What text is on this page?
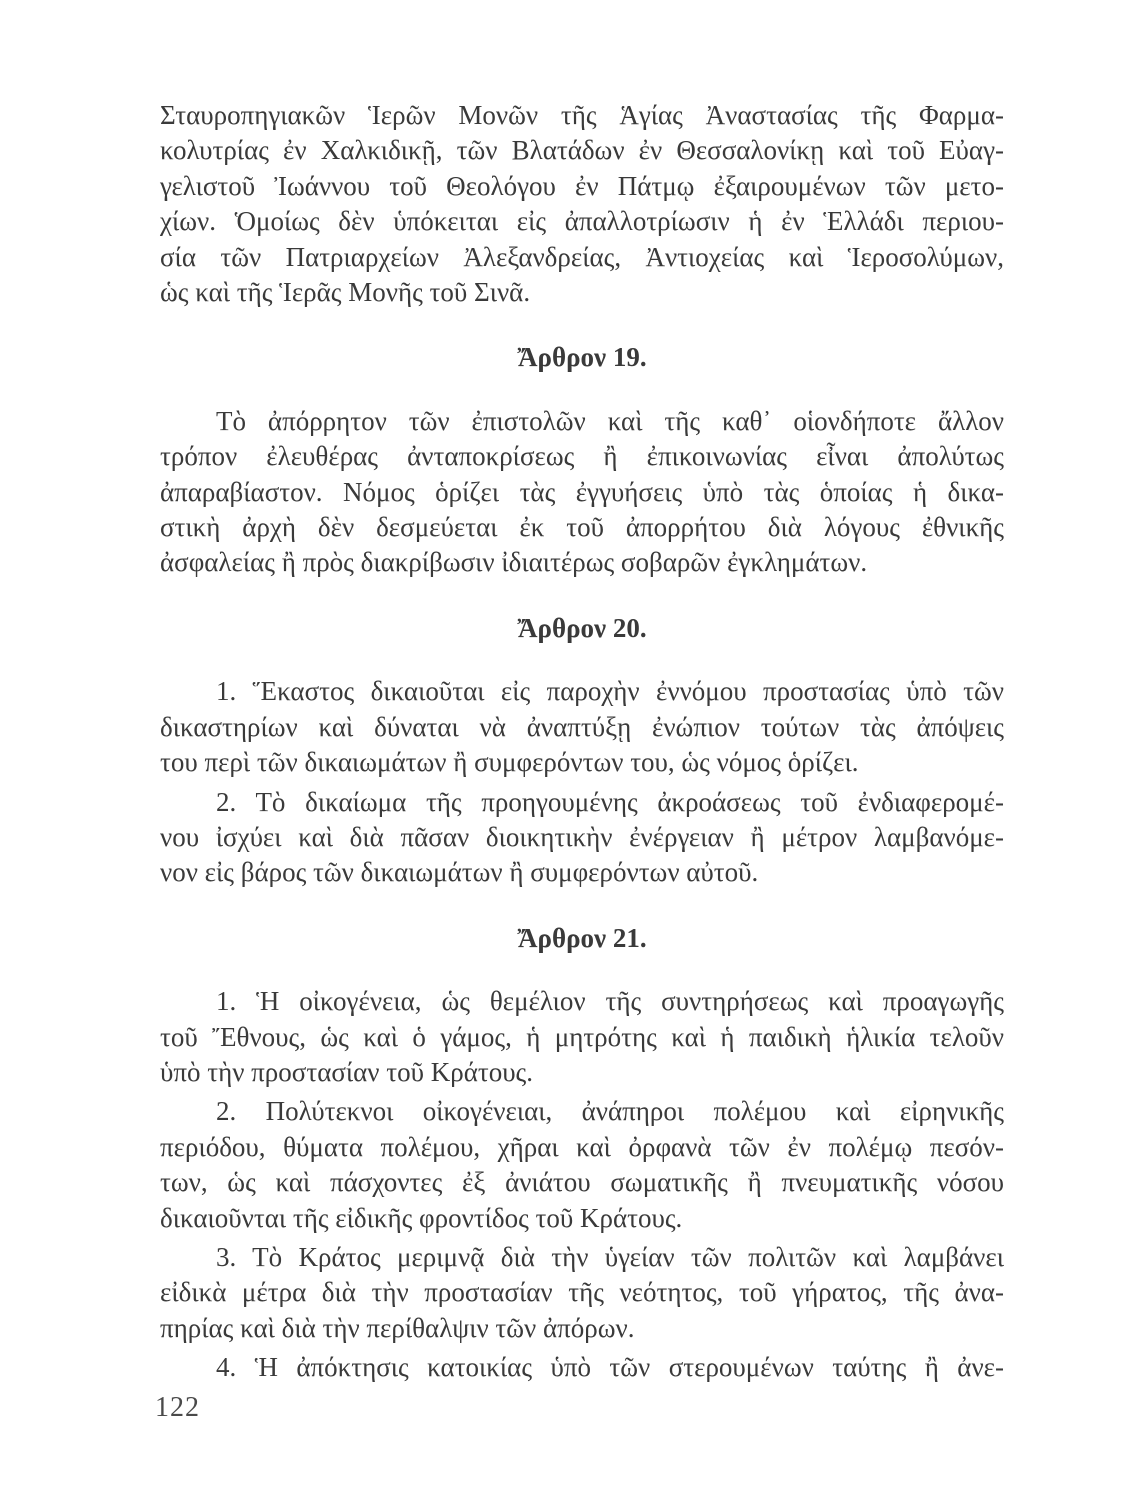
Σταυροπηγιακῶν Ἱερῶν Μονῶν τῆς Ἁγίας Ἀναστασίας τῆς Φαρμα-
κολυτρίας ἐν Χαλκιδικῇ, τῶν Βλατάδων ἐν Θεσσαλονίκῃ καὶ τοῦ Εὐαγ-
γελιστοῦ Ἰωάννου τοῦ Θεολόγου ἐν Πάτμῳ ἐξαιρουμένων τῶν μετο-
χίων. Ὁμοίως δὲν ὑπόκειται εἰς ἀπαλλοτρίωσιν ἡ ἐν Ἑλλάδι περιου-
σία τῶν Πατριαρχείων Ἀλεξανδρείας, Ἀντιοχείας καὶ Ἱεροσολύμων,
ὡς καὶ τῆς Ἱερᾶς Μονῆς τοῦ Σινᾶ.

Ἄρθρον 19.

Τὸ ἀπόρρητον τῶν ἐπιστολῶν καὶ τῆς καθ᾽ οἱονδήποτε ἄλλον
τρόπον ἐλευθέρας ἀνταποκρίσεως ἢ ἐπικοινωνίας εἶναι ἀπολύτως
ἀπαραβίαστον. Νόμος ὁρίζει τὰς ἐγγυήσεις ὑπὸ τὰς ὁποίας ἡ δικα-
στικὴ ἀρχὴ δὲν δεσμεύεται ἐκ τοῦ ἀπορρήτου διὰ λόγους ἐθνικῆς
ἀσφαλείας ἢ πρὸς διακρίβωσιν ἰδιαιτέρως σοβαρῶν ἐγκλημάτων.

Ἄρθρον 20.

1. Ἕκαστος δικαιοῦται εἰς παροχὴν ἐννόμου προστασίας ὑπὸ τῶν
δικαστηρίων καὶ δύναται νὰ ἀναπτύξῃ ἐνώπιον τούτων τὰς ἀπόψεις
του περὶ τῶν δικαιωμάτων ἢ συμφερόντων του, ὡς νόμος ὁρίζει.

2. Τὸ δικαίωμα τῆς προηγουμένης ἀκροάσεως τοῦ ἐνδιαφερομέ-
νου ἰσχύει καὶ διὰ πᾶσαν διοικητικὴν ἐνέργειαν ἢ μέτρον λαμβανόμε-
νον εἰς βάρος τῶν δικαιωμάτων ἢ συμφερόντων αὐτοῦ.

Ἄρθρον 21.

1. Ἡ οἰκογένεια, ὡς θεμέλιον τῆς συντηρήσεως καὶ προαγωγῆς
τοῦ Ἔθνους, ὡς καὶ ὁ γάμος, ἡ μητρότης καὶ ἡ παιδικὴ ἡλικία τελοῦν
ὑπὸ τὴν προστασίαν τοῦ Κράτους.

2. Πολύτεκνοι οἰκογένειαι, ἀνάπηροι πολέμου καὶ εἰρηνικῆς
περιόδου, θύματα πολέμου, χῆραι καὶ ὀρφανὰ τῶν ἐν πολέμῳ πεσόν-
των, ὡς καὶ πάσχοντες ἐξ ἀνιάτου σωματικῆς ἢ πνευματικῆς νόσου
δικαιοῦνται τῆς εἰδικῆς φροντίδος τοῦ Κράτους.

3. Τὸ Κράτος μεριμνᾷ διὰ τὴν ὑγείαν τῶν πολιτῶν καὶ λαμβάνει
εἰδικὰ μέτρα διὰ τὴν προστασίαν τῆς νεότητος, τοῦ γήρατος, τῆς ἀνα-
πηρίας καὶ διὰ τὴν περίθαλψιν τῶν ἀπόρων.

4. Ἡ ἀπόκτησις κατοικίας ὑπὸ τῶν στερουμένων ταύτης ἢ ἀνε-

122
